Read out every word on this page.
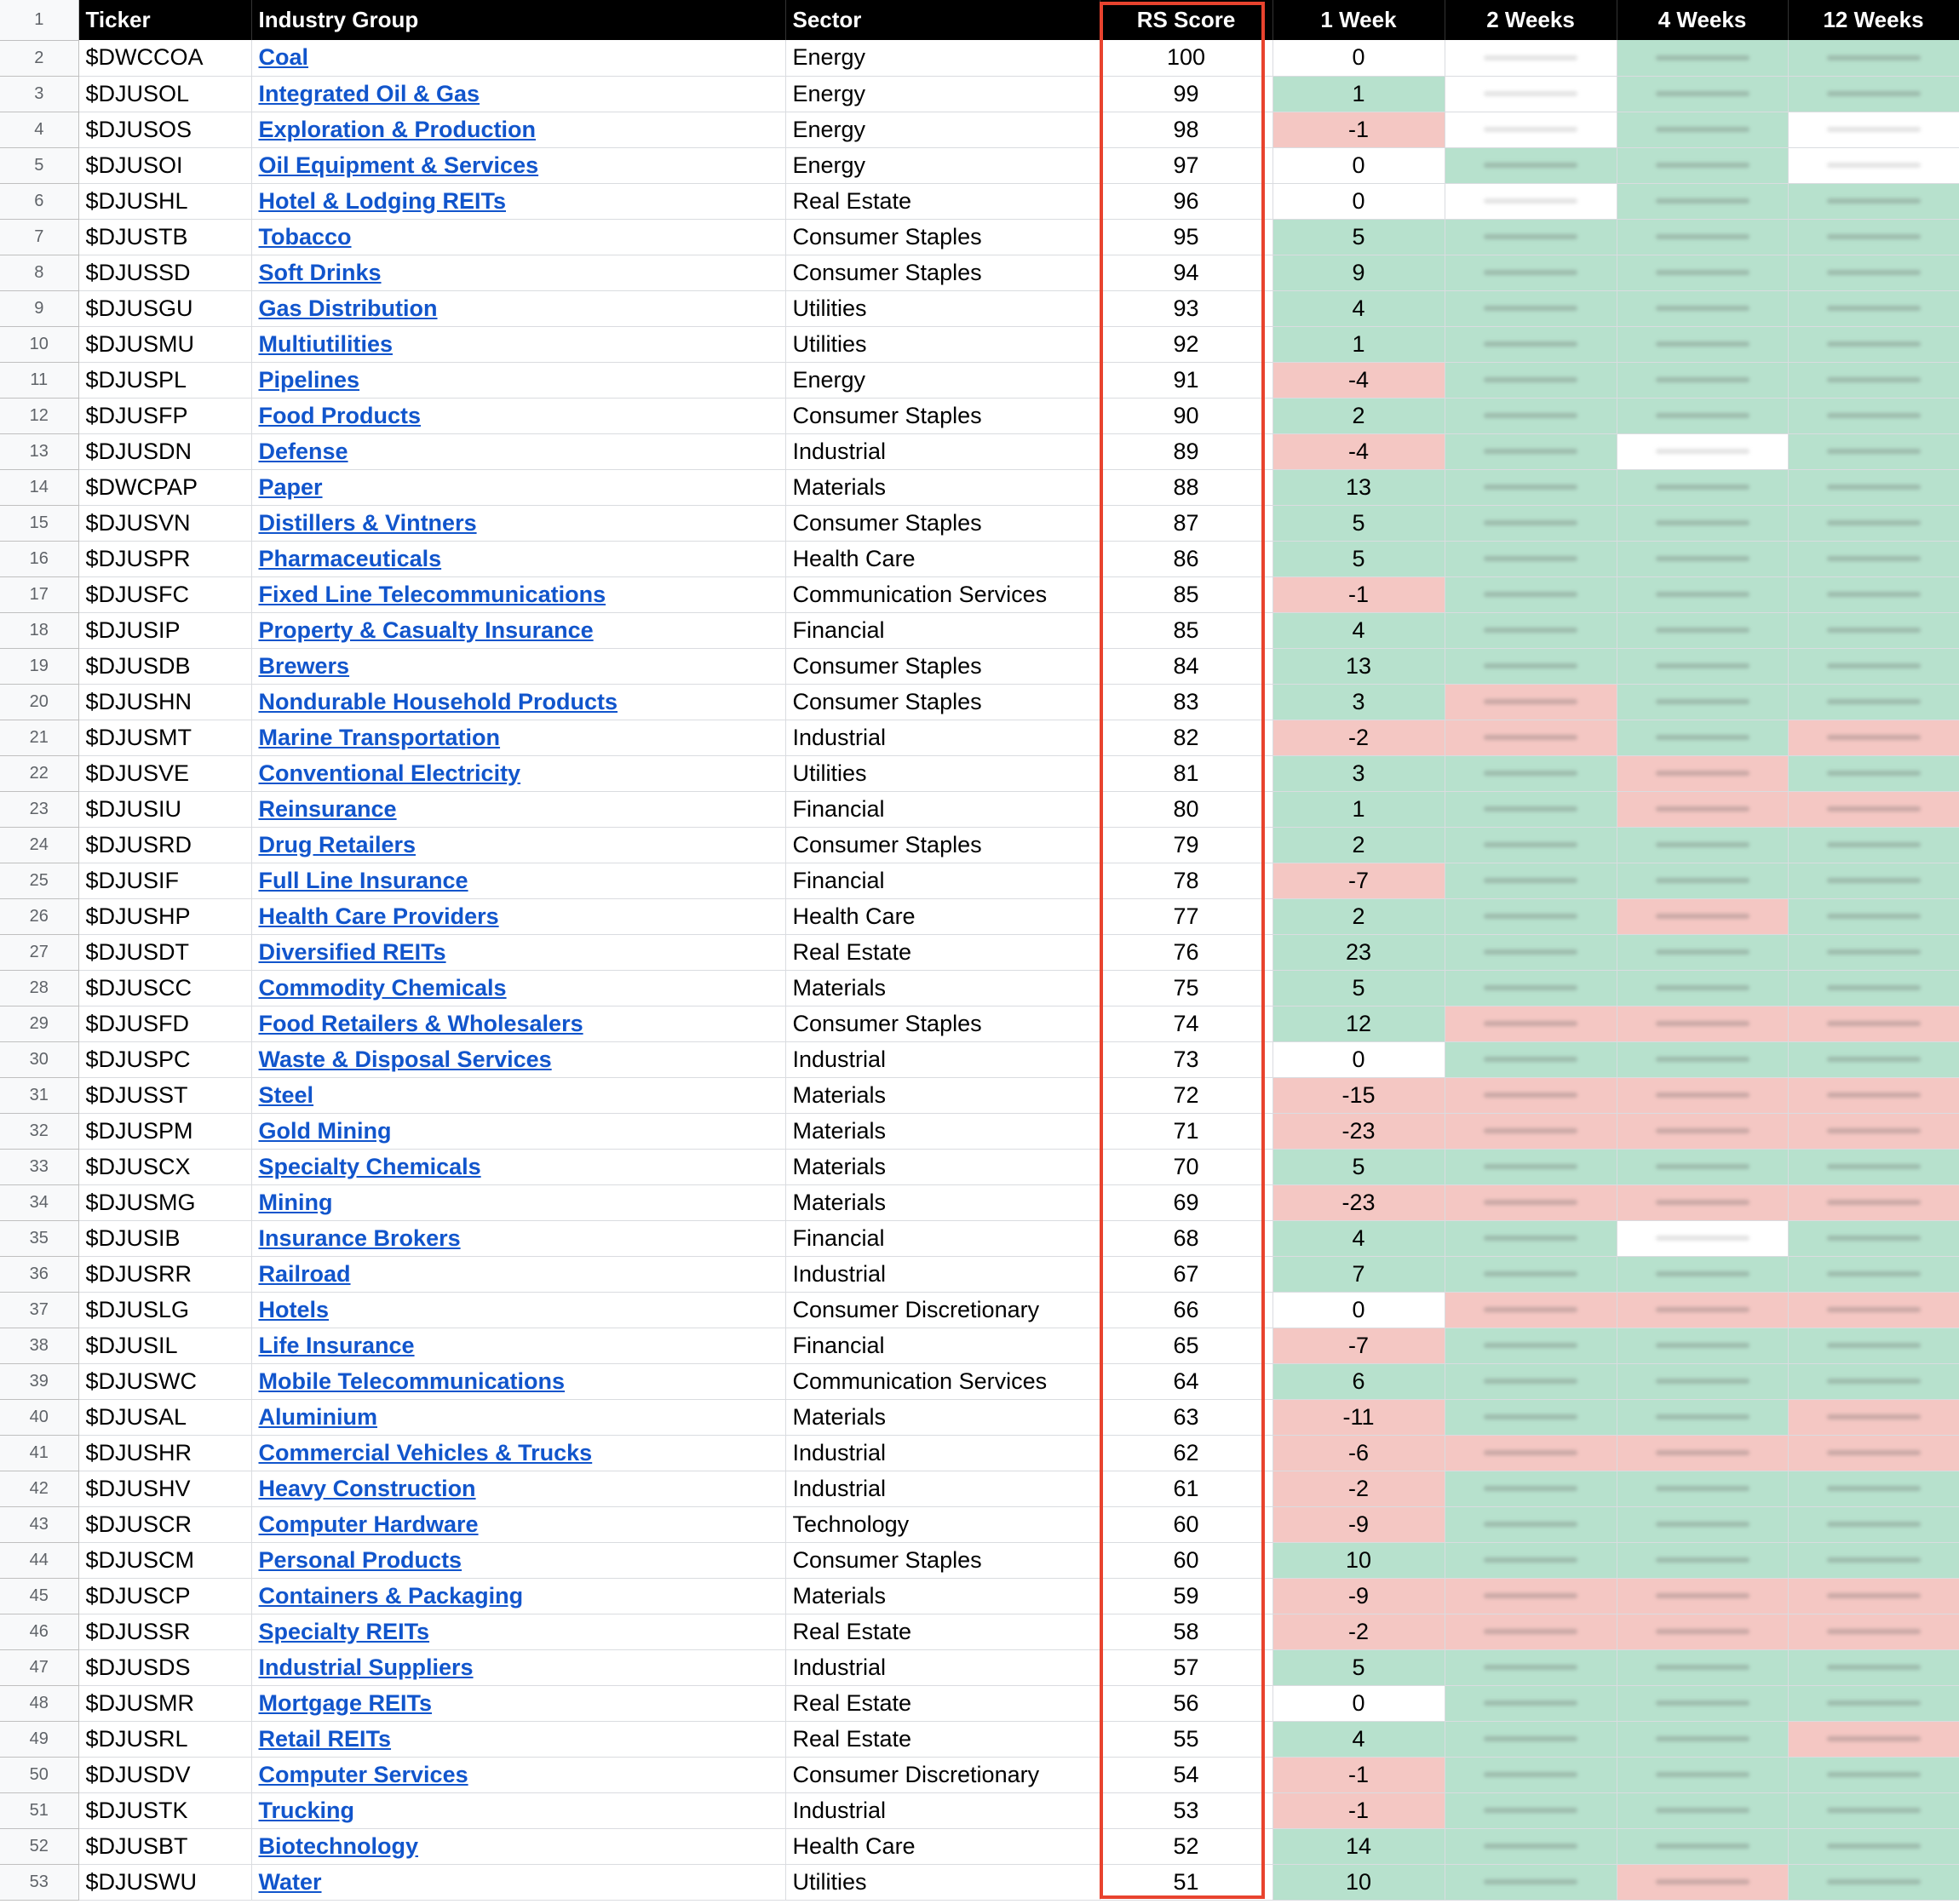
1	Ticker	Industry Group	Sector	RS Score	1 Week	2 Weeks	4 Weeks	12 Weeks
2	$DWCCOA	Coal	Energy	100	0	

3	$DJUSOL	Integrated Oil & Gas	Energy	99	1	

4	$DJUSOS	Exploration & Production	Energy	98	-1	

5	$DJUSOI	Oil Equipment & Services	Energy	97	0	

6	$DJUSHL	Hotel & Lodging REITs	Real Estate	96	0	

7	$DJUSTB	Tobacco	Consumer Staples	95	5	

8	$DJUSSD	Soft Drinks	Consumer Staples	94	9	

9	$DJUSGU	Gas Distribution	Utilities	93	4	

10	$DJUSMU	Multiutilities	Utilities	92	1	

11	$DJUSPL	Pipelines	Energy	91	-4	

12	$DJUSFP	Food Products	Consumer Staples	90	2	

13	$DJUSDN	Defense	Industrial	89	-4	

14	$DWCPAP	Paper	Materials	88	13	

15	$DJUSVN	Distillers & Vintners	Consumer Staples	87	5	

16	$DJUSPR	Pharmaceuticals	Health Care	86	5	

17	$DJUSFC	Fixed Line Telecommunications	Communication Services	85	-1	

18	$DJUSIP	Property & Casualty Insurance	Financial	85	4	

19	$DJUSDB	Brewers	Consumer Staples	84	13	

20	$DJUSHN	Nondurable Household Products	Consumer Staples	83	3	

21	$DJUSMT	Marine Transportation	Industrial	82	-2	

22	$DJUSVE	Conventional Electricity	Utilities	81	3	

23	$DJUSIU	Reinsurance	Financial	80	1	

24	$DJUSRD	Drug Retailers	Consumer Staples	79	2	

25	$DJUSIF	Full Line Insurance	Financial	78	-7	

26	$DJUSHP	Health Care Providers	Health Care	77	2	

27	$DJUSDT	Diversified REITs	Real Estate	76	23	

28	$DJUSCC	Commodity Chemicals	Materials	75	5	

29	$DJUSFD	Food Retailers & Wholesalers	Consumer Staples	74	12	

30	$DJUSPC	Waste & Disposal Services	Industrial	73	0	

31	$DJUSST	Steel	Materials	72	-15	

32	$DJUSPM	Gold Mining	Materials	71	-23	

33	$DJUSCX	Specialty Chemicals	Materials	70	5	

34	$DJUSMG	Mining	Materials	69	-23	

35	$DJUSIB	Insurance Brokers	Financial	68	4	

36	$DJUSRR	Railroad	Industrial	67	7	

37	$DJUSLG	Hotels	Consumer Discretionary	66	0	

38	$DJUSIL	Life Insurance	Financial	65	-7	

39	$DJUSWC	Mobile Telecommunications	Communication Services	64	6	

40	$DJUSAL	Aluminium	Materials	63	-11	

41	$DJUSHR	Commercial Vehicles & Trucks	Industrial	62	-6	

42	$DJUSHV	Heavy Construction	Industrial	61	-2	

43	$DJUSCR	Computer Hardware	Technology	60	-9	

44	$DJUSCM	Personal Products	Consumer Staples	60	10	

45	$DJUSCP	Containers & Packaging	Materials	59	-9	

46	$DJUSSR	Specialty REITs	Real Estate	58	-2	

47	$DJUSDS	Industrial Suppliers	Industrial	57	5	

48	$DJUSMR	Mortgage REITs	Real Estate	56	0	

49	$DJUSRL	Retail REITs	Real Estate	55	4	

50	$DJUSDV	Computer Services	Consumer Discretionary	54	-1	

51	$DJUSTK	Trucking	Industrial	53	-1	

52	$DJUSBT	Biotechnology	Health Care	52	14	

53	$DJUSWU	Water	Utilities	51	10	
